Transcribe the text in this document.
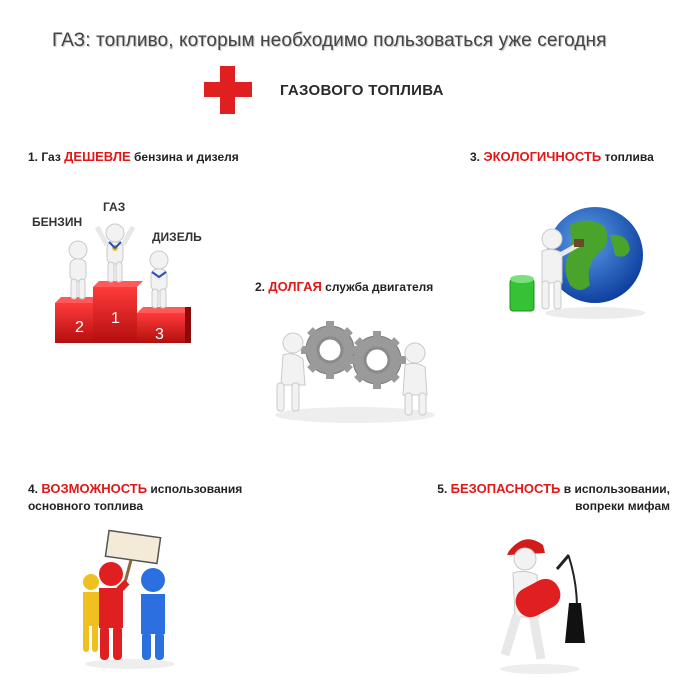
ГАЗ: топливо, которым необходимо пользоваться уже сегодня
ГАЗОВОГО ТОПЛИВА
1. Газ ДЕШЕВЛЕ бензина и дизеля
2. ДОЛГАЯ служба двигателя
3. ЭКОЛОГИЧНОСТЬ топлива
4. ВОЗМОЖНОСТЬ использования
основного топлива
5. БЕЗОПАСНОСТЬ в использовании,
вопреки мифам
БЕНЗИН
ГАЗ
ДИЗЕЛЬ
2
1
3
